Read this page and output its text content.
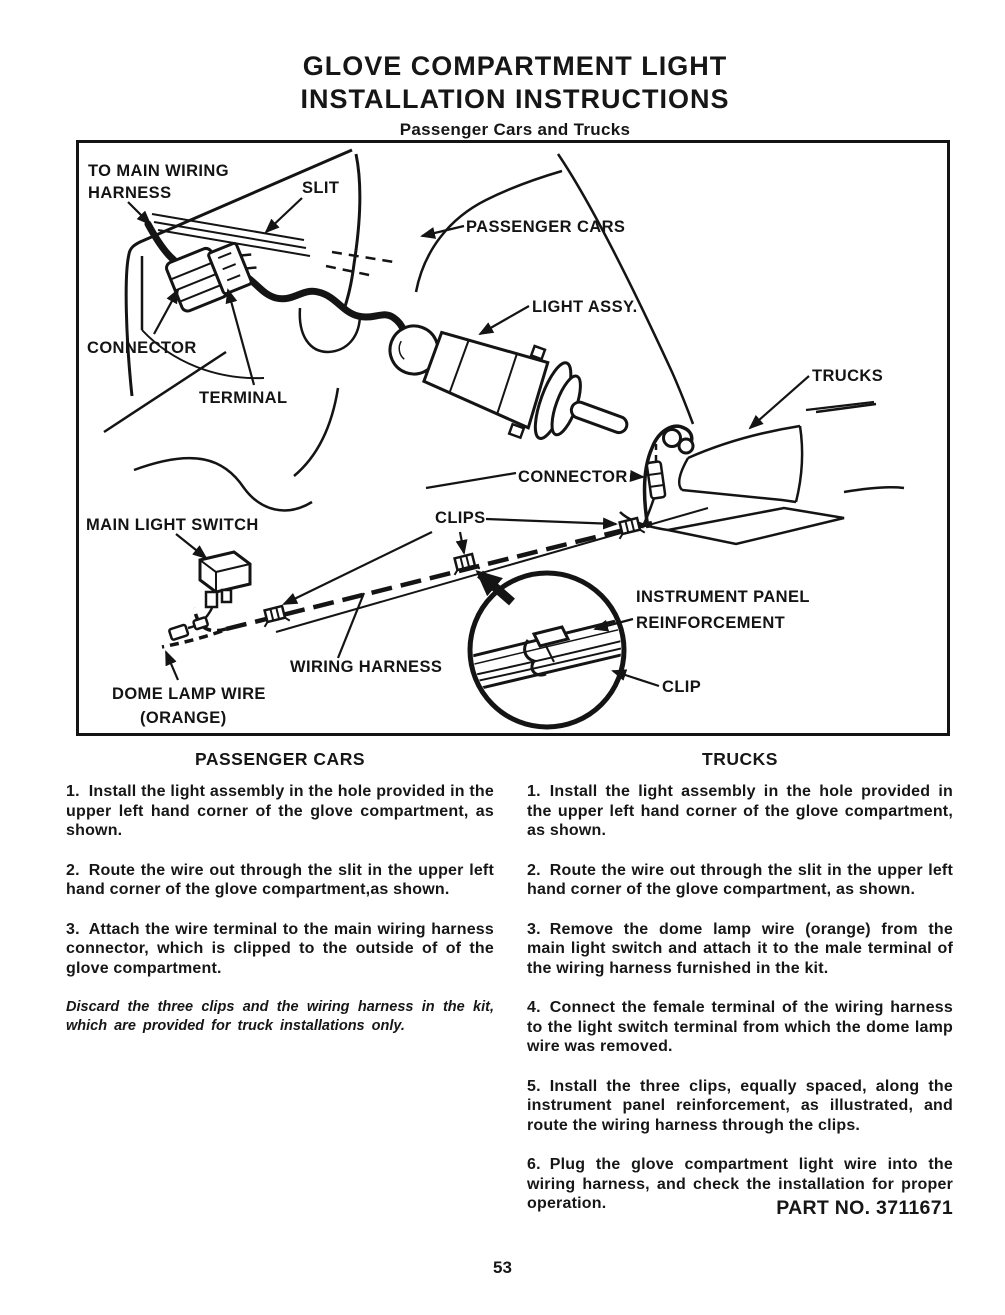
GLOVE COMPARTMENT LIGHT
INSTALLATION INSTRUCTIONS
Passenger Cars and Trucks
TO MAIN WIRING
HARNESS	SLIT
PASSENGER CARS
LIGHT ASSY.
CONNECTOR
TERMINAL
TRUCKS
CONNECTOR
MAIN LIGHT SWITCH	CLIPS
INSTRUMENT PANEL
REINFORCEMENT
WIRING HARNESS
CLIP
DOME LAMP WIRE
(ORANGE)
PASSENGER CARS

1. Install the light assembly in the hole provided in the upper left hand corner of the glove compartment, as shown.

2. Route the wire out through the slit in the upper left hand corner of the glove compartment,as shown.

3. Attach the wire terminal to the main wiring harness connector, which is clipped to the outside of of the glove compartment.

Discard the three clips and the wiring harness in the kit, which are provided for truck installations only.

TRUCKS

1. Install the light assembly in the hole provided in the upper left hand corner of the glove compartment, as shown.

2. Route the wire out through the slit in the upper left hand corner of the glove compartment, as shown.

3. Remove the dome lamp wire (orange) from the main light switch and attach it to the male terminal of the wiring harness furnished in the kit.

4. Connect the female terminal of the wiring harness to the light switch terminal from which the dome lamp wire was removed.

5. Install the three clips, equally spaced, along the instrument panel reinforcement, as illustrated, and route the wiring harness through the clips.

6. Plug the glove compartment light wire into the wiring harness, and check the installation for proper operation.	PART NO. 3711671
53
